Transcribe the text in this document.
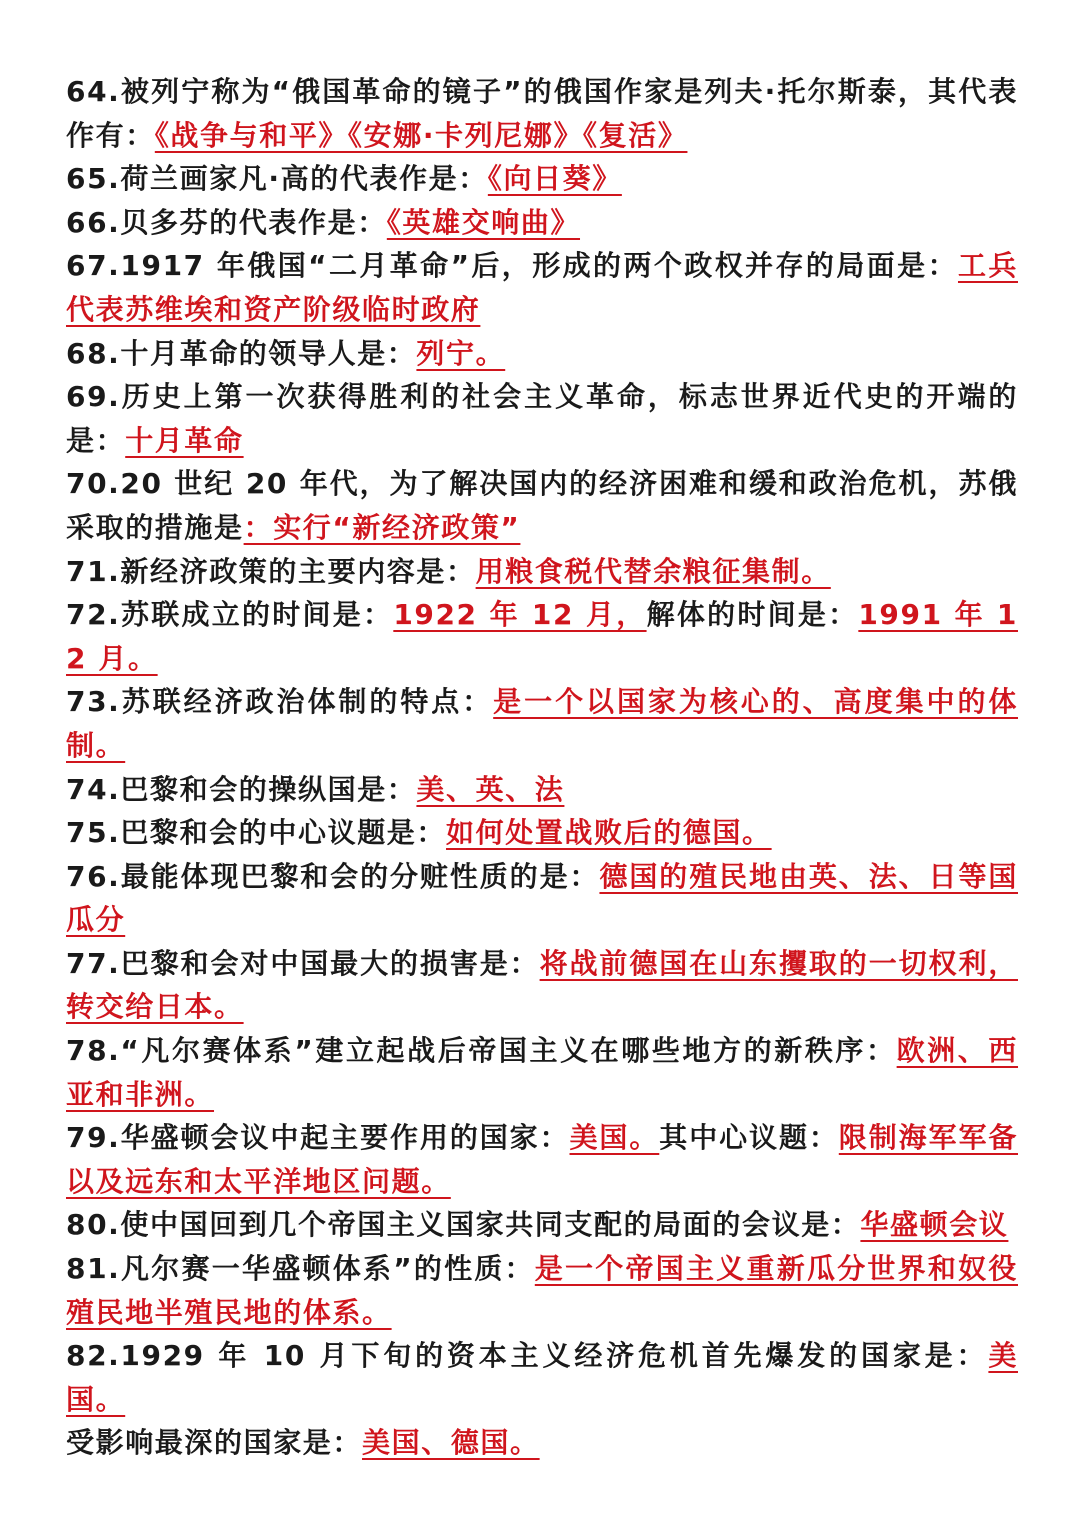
64.被列宁称为“俄国革命的镜子”的俄国作家是列夫·托尔斯泰，其代表作有：《战争与和平》《安娜·卡列尼娜》《复活》

65.荷兰画家凡·高的代表作是：《向日葵》

66.贝多芬的代表作是：《英雄交响曲》

67.1917 年俄国“二月革命”后，形成的两个政权并存的局面是：工兵代表苏维埃和资产阶级临时政府

68.十月革命的领导人是：列宁。

69.历史上第一次获得胜利的社会主义革命，标志世界近代史的开端的是：十月革命

70.20 世纪 20 年代，为了解决国内的经济困难和缓和政治危机，苏俄采取的措施是：实行“新经济政策”

71.新经济政策的主要内容是：用粮食税代替余粮征集制。

72.苏联成立的时间是：1922 年 12 月，解体的时间是：1991 年 12 月。

73.苏联经济政治体制的特点：是一个以国家为核心的、高度集中的体制。

74.巴黎和会的操纵国是：美、英、法

75.巴黎和会的中心议题是：如何处置战败后的德国。

76.最能体现巴黎和会的分赃性质的是：德国的殖民地由英、法、日等国瓜分

77.巴黎和会对中国最大的损害是：将战前德国在山东攫取的一切权利，转交给日本。

78.“凡尔赛体系”建立起战后帝国主义在哪些地方的新秩序：欧洲、西亚和非洲。

79.华盛顿会议中起主要作用的国家：美国。其中心议题：限制海军军备以及远东和太平洋地区问题。

80.使中国回到几个帝国主义国家共同支配的局面的会议是：华盛顿会议

81.凡尔赛一华盛顿体系”的性质：是一个帝国主义重新瓜分世界和奴役殖民地半殖民地的体系。

82.1929 年 10 月下旬的资本主义经济危机首先爆发的国家是：美国。
受影响最深的国家是：美国、德国。
